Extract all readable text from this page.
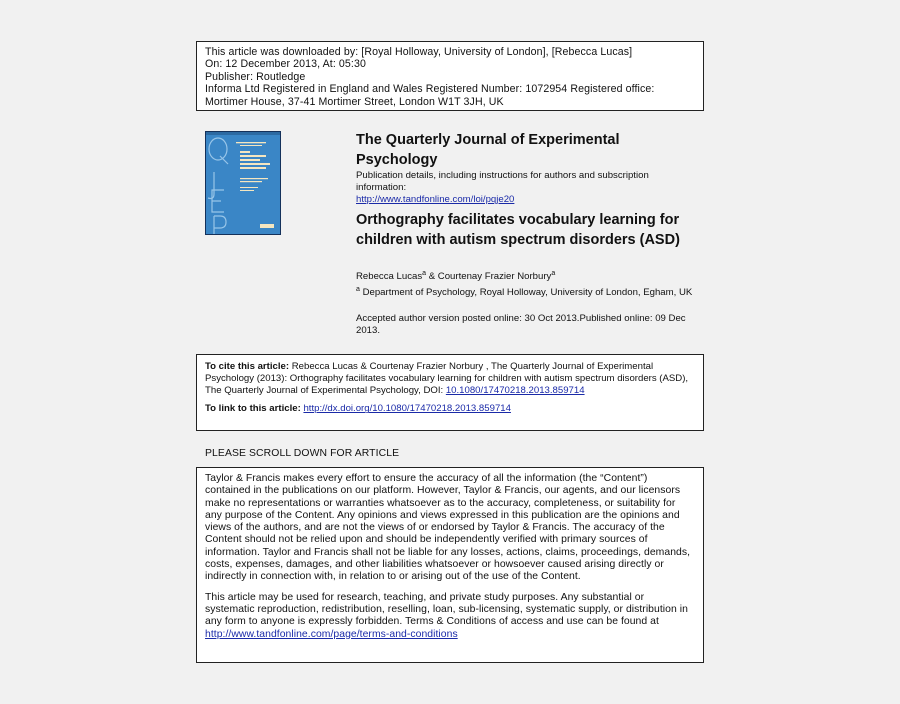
This article was downloaded by: [Royal Holloway, University of London], [Rebecca Lucas]
On: 12 December 2013, At: 05:30
Publisher: Routledge
Informa Ltd Registered in England and Wales Registered Number: 1072954 Registered office:
Mortimer House, 37-41 Mortimer Street, London W1T 3JH, UK
The Quarterly Journal of Experimental Psychology
Publication details, including instructions for authors and subscription information:
http://www.tandfonline.com/loi/pqje20
Orthography facilitates vocabulary learning for children with autism spectrum disorders (ASD)
Rebecca Lucas$^a$ & Courtenay Frazier Norbury$^a$
$^a$ Department of Psychology, Royal Holloway, University of London, Egham, UK
Accepted author version posted online: 30 Oct 2013.Published online: 09 Dec 2013.
To cite this article: Rebecca Lucas & Courtenay Frazier Norbury , The Quarterly Journal of Experimental Psychology (2013): Orthography facilitates vocabulary learning for children with autism spectrum disorders (ASD), The Quarterly Journal of Experimental Psychology, DOI: 10.1080/17470218.2013.859714
To link to this article: http://dx.doi.org/10.1080/17470218.2013.859714
PLEASE SCROLL DOWN FOR ARTICLE

Taylor & Francis makes every effort to ensure the accuracy of all the information (the “Content”) contained in the publications on our platform. However, Taylor & Francis, our agents, and our licensors make no representations or warranties whatsoever as to the accuracy, completeness, or suitability for any purpose of the Content. Any opinions and views expressed in this publication are the opinions and views of the authors, and are not the views of or endorsed by Taylor & Francis. The accuracy of the Content should not be relied upon and should be independently verified with primary sources of information. Taylor and Francis shall not be liable for any losses, actions, claims, proceedings, demands, costs, expenses, damages, and other liabilities whatsoever or howsoever caused arising directly or indirectly in connection with, in relation to or arising out of the use of the Content.

This article may be used for research, teaching, and private study purposes. Any substantial or systematic reproduction, redistribution, reselling, loan, sub-licensing, systematic supply, or distribution in any form to anyone is expressly forbidden. Terms & Conditions of access and use can be found at http://www.tandfonline.com/page/terms-and-conditions
